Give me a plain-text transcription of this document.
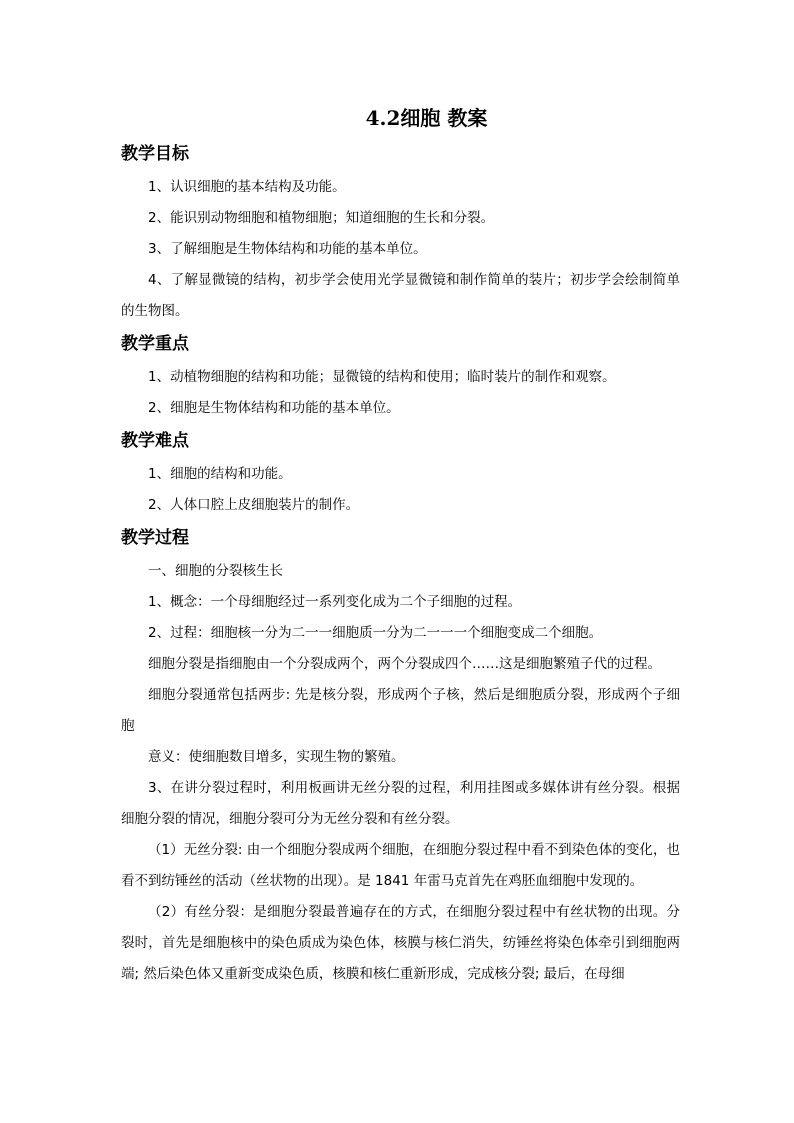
4.2细胞 教案
教学目标

1、认识细胞的基本结构及功能。

2、能识别动物细胞和植物细胞；知道细胞的生长和分裂。

3、了解细胞是生物体结构和功能的基本单位。

4、了解显微镜的结构，初步学会使用光学显微镜和制作简单的装片；初步学会绘制简单的生物图。

教学重点

1、动植物细胞的结构和功能；显微镜的结构和使用；临时装片的制作和观察。

2、细胞是生物体结构和功能的基本单位。

教学难点

1、细胞的结构和功能。

2、人体口腔上皮细胞装片的制作。

教学过程

一、细胞的分裂核生长

1、概念：一个母细胞经过一系列变化成为二个子细胞的过程。

2、过程：细胞核一分为二一一细胞质一分为二一一一个细胞变成二个细胞。

细胞分裂是指细胞由一个分裂成两个，两个分裂成四个……这是细胞繁殖子代的过程。

细胞分裂通常包括两步: 先是核分裂，形成两个子核，然后是细胞质分裂，形成两个子细胞

意义：使细胞数目增多，实现生物的繁殖。

3、在讲分裂过程时，利用板画讲无丝分裂的过程，利用挂图或多媒体讲有丝分裂。根据细胞分裂的情况，细胞分裂可分为无丝分裂和有丝分裂。

（1）无丝分裂: 由一个细胞分裂成两个细胞，在细胞分裂过程中看不到染色体的变化，也看不到纺锤丝的活动（丝状物的出现）。是 1841 年雷马克首先在鸡胚血细胞中发现的。

（2）有丝分裂：是细胞分裂最普遍存在的方式，在细胞分裂过程中有丝状物的出现。分裂时，首先是细胞核中的染色质成为染色体，核膜与核仁消失，纺锤丝将染色体牵引到细胞两端; 然后染色体又重新变成染色质，核膜和核仁重新形成，完成核分裂; 最后，在母细
